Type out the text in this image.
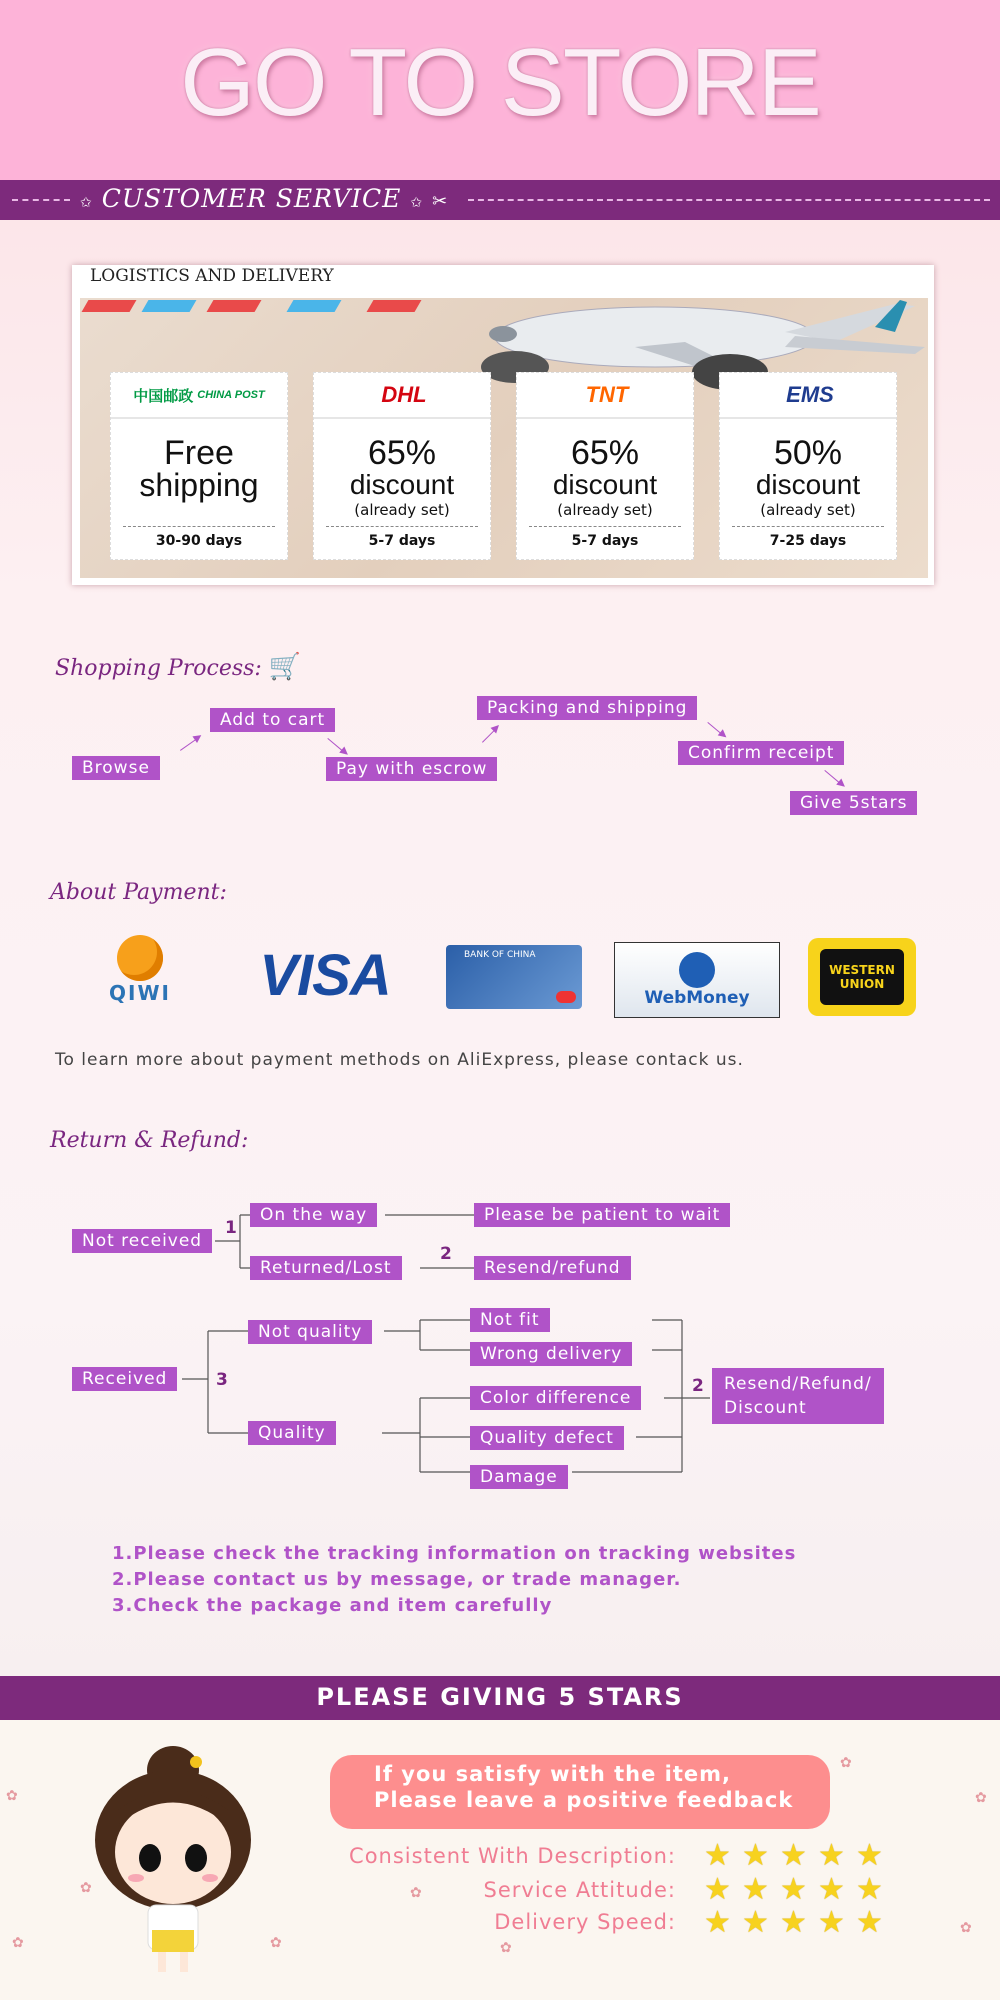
GO TO STORE
✩ CUSTOMER SERVICE ✩ ✂
LOGISTICS AND DELIVERY
中国邮政 CHINA POST
Free
shipping
30-90 days
DHL
65%
discount
(already set)
5-7 days
TNT
65%
discount
(already set)
5-7 days
EMS
50%
discount
(already set)
7-25 days
Shopping Process: 🛒
Browse
Add to cart
Pay with escrow
Packing and shipping
Confirm receipt
Give 5stars
About Payment:
QIWI VISA	BANK OF CHINA
WebMoney
WESTERN UNION
To learn more about payment methods on AliExpress, please contack us.
Return & Refund:
Not received
1
On the way	Please be patient to wait
Returned/Lost
2
Resend/refund
Received	3
Not quality
Quality
Not fit
Wrong delivery
Color difference
Quality defect
Damage
2 Resend/Refund/
Discount
1.Please check the tracking information on tracking websites
2.Please contact us by message, or trade manager.
3.Check the package and item carefully
PLEASE GIVING 5 STARS
✿
✿
✿
✿
✿
✿
✿
✿
✿
If you satisfy with the item,
Please leave a positive feedback
Consistent With Description:
Service Attitude:
Delivery Speed:
★ ★ ★ ★ ★
★ ★ ★ ★ ★
★ ★ ★ ★ ★
